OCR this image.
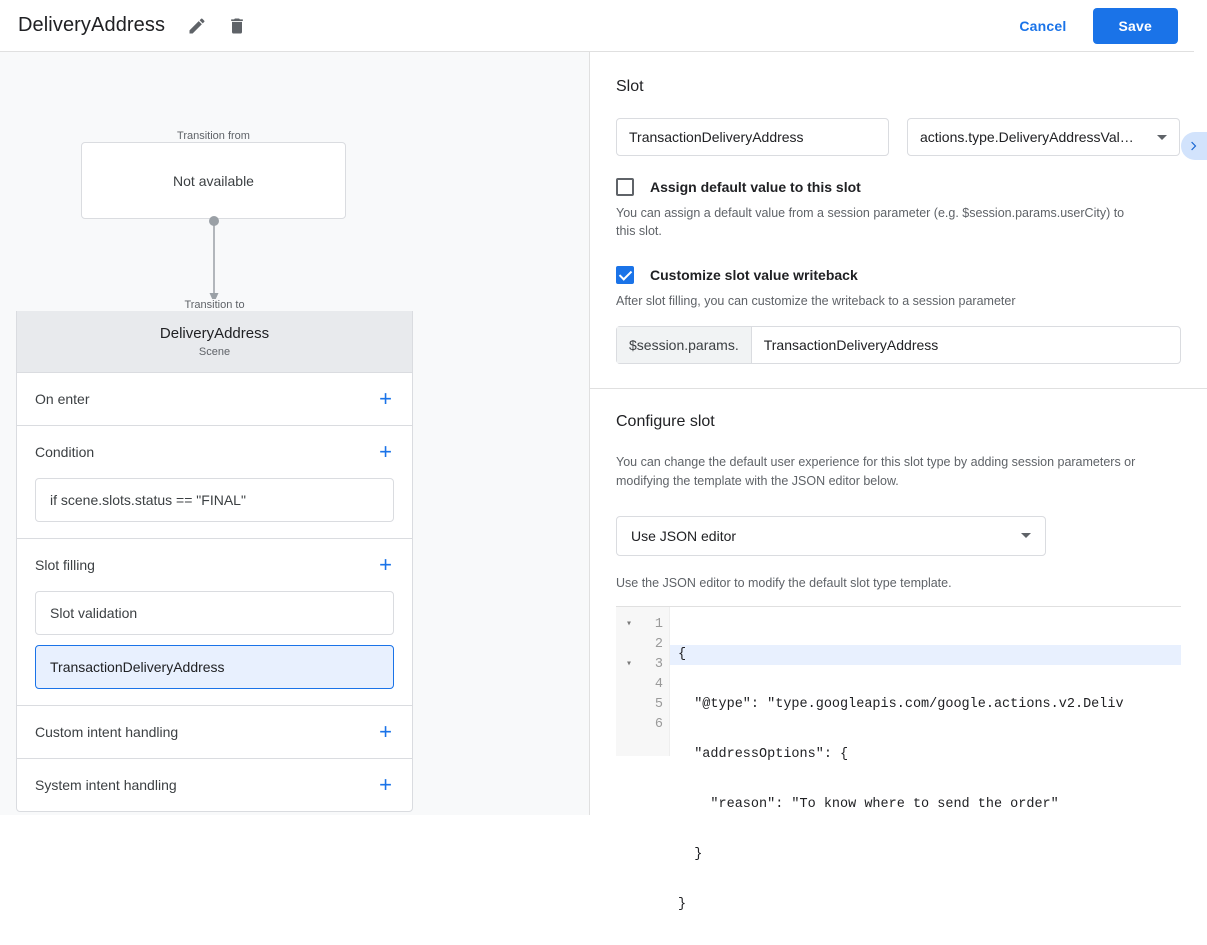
DeliveryAddress	Cancel	Save
Transition from
Not available
Transition to
DeliveryAddress
Scene
On enter	+
Condition	+
if scene.slots.status == "FINAL"
Slot filling	+
Slot validation
TransactionDeliveryAddress
Custom intent handling	+
System intent handling	+
Slot
TransactionDeliveryAddress	actions.type.DeliveryAddressVal…
Assign default value to this slot
You can assign a default value from a session parameter (e.g. $session.params.userCity) to this slot.
Customize slot value writeback
After slot filling, you can customize the writeback to a session parameter
$session.params.	TransactionDeliveryAddress
Configure slot
You can change the default user experience for this slot type by adding session parameters or modifying the template with the JSON editor below.
Use JSON editor
Use the JSON editor to modify the default slot type template.
▾
▾
1
2
3
4
5
6

{

"@type": "type.googleapis.com/google.actions.v2.Deliv

"addressOptions": {

"reason": "To know where to send the order"

}

}
